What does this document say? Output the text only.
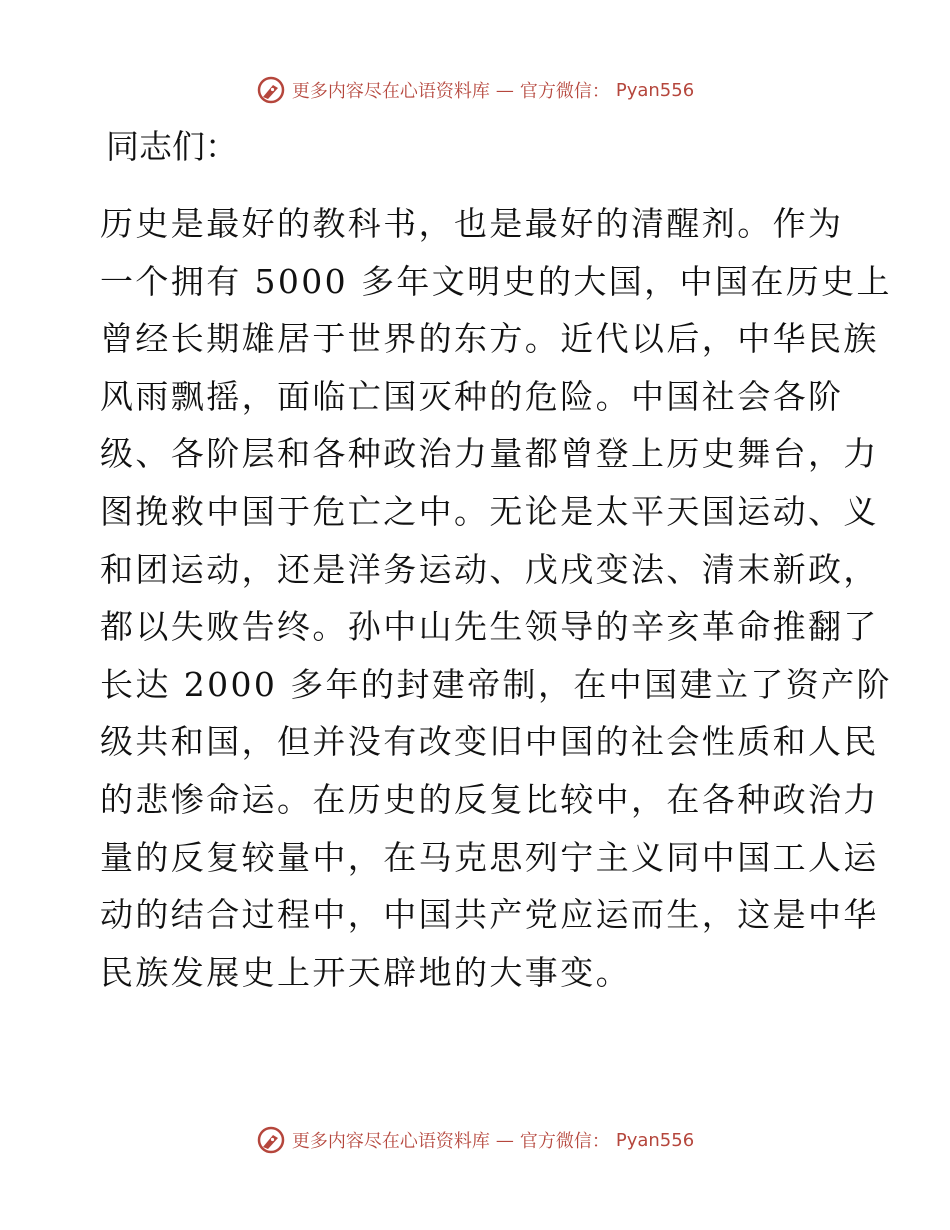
更多内容尽在心语资料库 — 官方微信： Pyan556
同志们：
历史是最好的教科书，也是最好的清醒剂。作为
一个拥有 5000 多年文明史的大国，中国在历史上
曾经长期雄居于世界的东方。近代以后，中华民族
风雨飘摇，面临亡国灭种的危险。中国社会各阶
级、各阶层和各种政治力量都曾登上历史舞台，力
图挽救中国于危亡之中。无论是太平天国运动、义
和团运动，还是洋务运动、戊戌变法、清末新政，
都以失败告终。孙中山先生领导的辛亥革命推翻了
长达 2000 多年的封建帝制，在中国建立了资产阶
级共和国，但并没有改变旧中国的社会性质和人民
的悲惨命运。在历史的反复比较中，在各种政治力
量的反复较量中，在马克思列宁主义同中国工人运
动的结合过程中，中国共产党应运而生，这是中华
民族发展史上开天辟地的大事变。
更多内容尽在心语资料库 — 官方微信： Pyan556
